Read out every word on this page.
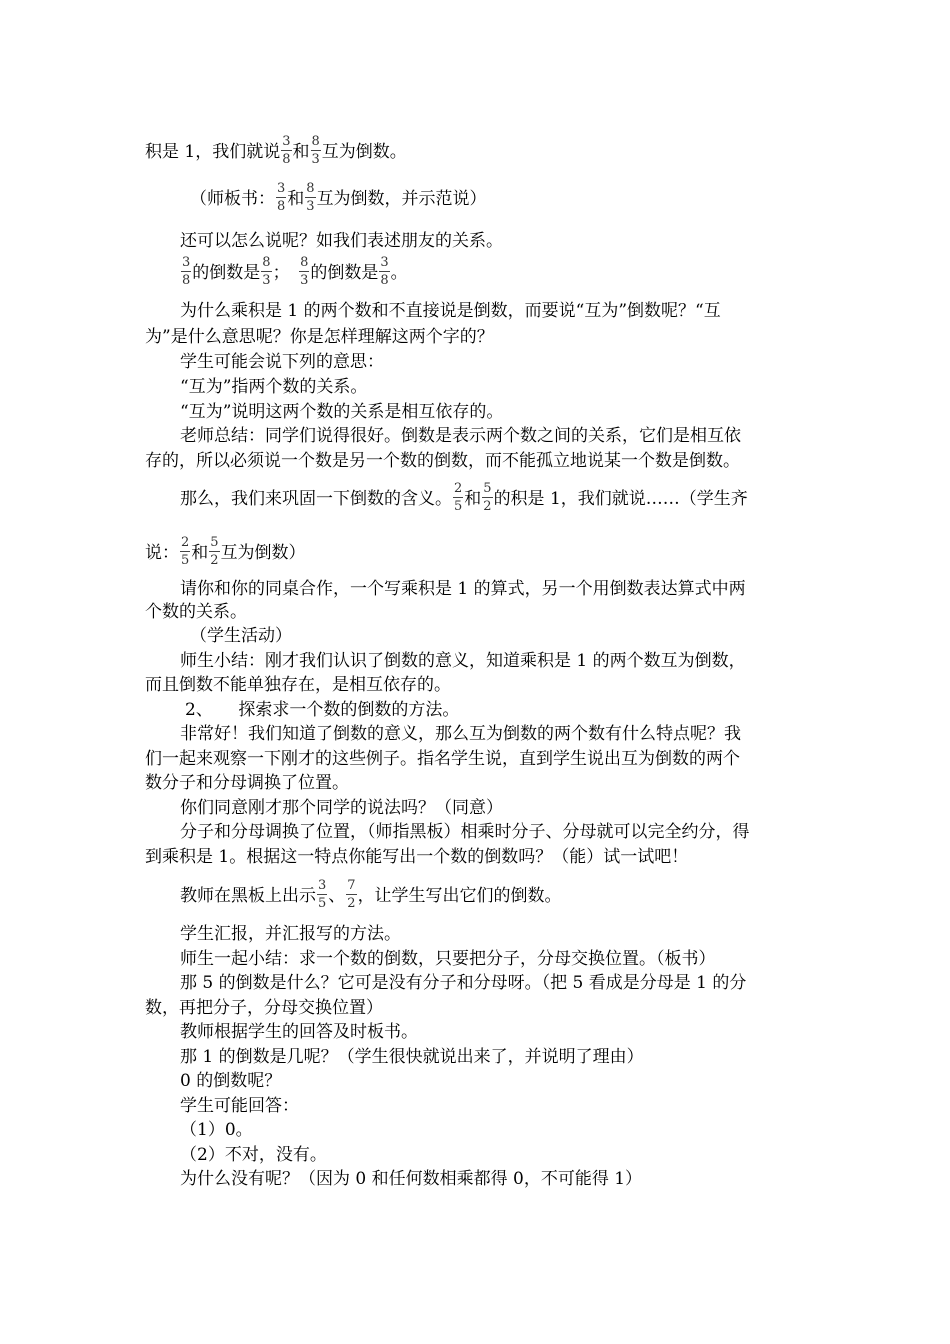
积是 1，我们就说 $\frac{3}{8}$ 和 $\frac{8}{3}$ 互为倒数。
（师板书： $\frac{3}{8}$ 和 $\frac{8}{3}$ 互为倒数，并示范说）
还可以怎么说呢？如我们表述朋友的关系。
$\frac{3}{8}$ 的倒数是 $\frac{8}{3}$ ；　 $\frac{8}{3}$ 的倒数是 $\frac{3}{8}$ 。
为什么乘积是 1 的两个数和不直接说是倒数，而要说“互为”倒数呢？“互
为”是什么意思呢？你是怎样理解这两个字的？
学生可能会说下列的意思：
“互为”指两个数的关系。
“互为”说明这两个数的关系是相互依存的。
老师总结：同学们说得很好。倒数是表示两个数之间的关系，它们是相互依
存的，所以必须说一个数是另一个数的倒数，而不能孤立地说某一个数是倒数。
那么，我们来巩固一下倒数的含义。 $\frac{2}{5}$ 和 $\frac{5}{2}$ 的积是 1，我们就说……（学生齐
说： $\frac{2}{5}$ 和 $\frac{5}{2}$ 互为倒数）
请你和你的同桌合作，一个写乘积是 1 的算式，另一个用倒数表达算式中两
个数的关系。
（学生活动）
师生小结：刚才我们认识了倒数的意义，知道乘积是 1 的两个数互为倒数，
而且倒数不能单独存在，是相互依存的。
2、　　探索求一个数的倒数的方法。
非常好！我们知道了倒数的意义，那么互为倒数的两个数有什么特点呢？我
们一起来观察一下刚才的这些例子。指名学生说，直到学生说出互为倒数的两个
数分子和分母调换了位置。
你们同意刚才那个同学的说法吗？（同意）
分子和分母调换了位置，（师指黑板）相乘时分子、分母就可以完全约分，得
到乘积是 1。根据这一特点你能写出一个数的倒数吗？（能）试一试吧！
教师在黑板上出示 $\frac{3}{5}$ 、 $\frac{7}{2}$ ，让学生写出它们的倒数。
学生汇报，并汇报写的方法。
师生一起小结：求一个数的倒数，只要把分子，分母交换位置。（板书）
那 5 的倒数是什么？它可是没有分子和分母呀。（把 5 看成是分母是 1 的分
数，再把分子，分母交换位置）
教师根据学生的回答及时板书。
那 1 的倒数是几呢？（学生很快就说出来了，并说明了理由）
0 的倒数呢？
学生可能回答：
（1）0。
（2）不对，没有。
为什么没有呢？（因为 0 和任何数相乘都得 0，不可能得 1）
